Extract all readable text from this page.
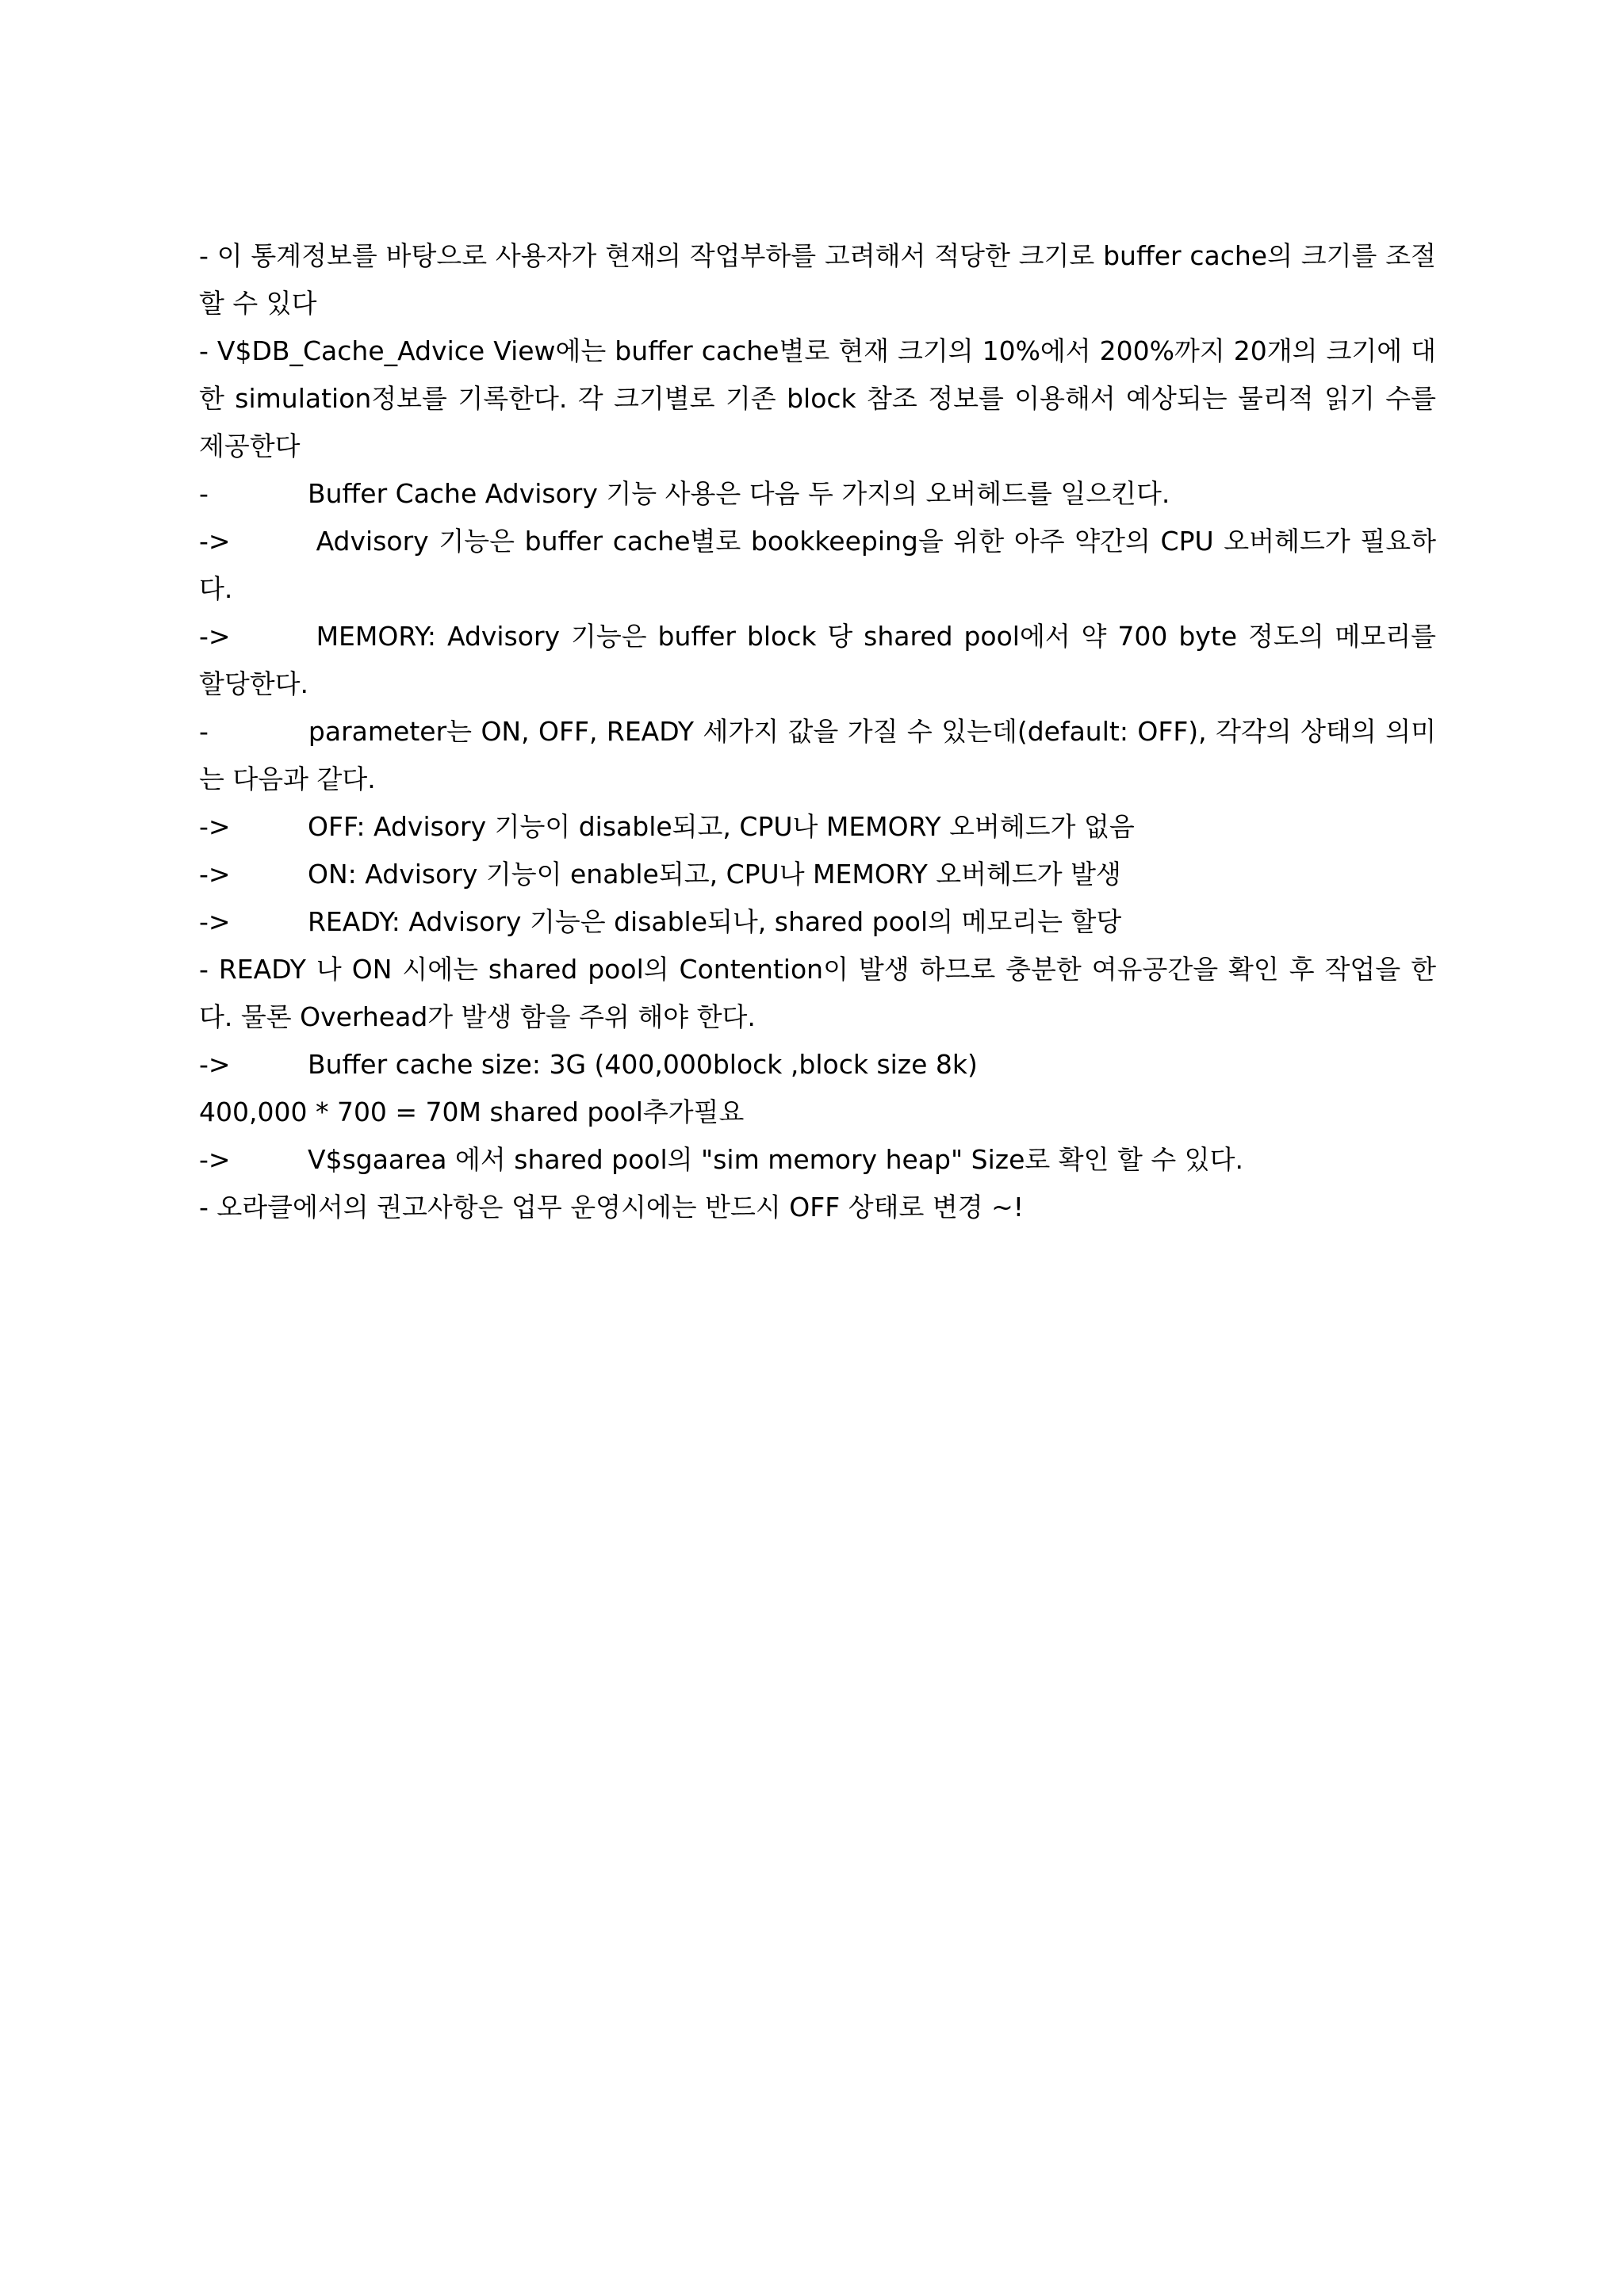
- 이 통계정보를 바탕으로 사용자가 현재의 작업부하를 고려해서 적당한 크기로 buffer cache의 크기를 조절할 수 있다

- V$DB_Cache_Advice View에는 buffer cache별로 현재 크기의 10%에서 200%까지 20개의 크기에 대한 simulation정보를 기록한다. 각 크기별로 기존 block 참조 정보를 이용해서 예상되는 물리적 읽기 수를 제공한다

-	Buffer Cache Advisory 기능 사용은 다음 두 가지의 오버헤드를 일으킨다.

->	Advisory 기능은 buffer cache별로 bookkeeping을 위한 아주 약간의 CPU 오버헤드가 필요하다.

->	MEMORY: Advisory 기능은 buffer block 당 shared pool에서 약 700 byte 정도의 메모리를 할당한다.

-	parameter는 ON, OFF, READY 세가지 값을 가질 수 있는데(default: OFF), 각각의 상태의 의미는 다음과 같다.

->	OFF: Advisory 기능이 disable되고, CPU나 MEMORY 오버헤드가 없음
->	ON: Advisory 기능이 enable되고, CPU나 MEMORY 오버헤드가 발생
->	READY: Advisory 기능은 disable되나, shared pool의 메모리는 할당

- READY 나 ON 시에는 shared pool의 Contention이 발생 하므로 충분한 여유공간을 확인 후 작업을 한다. 물론 Overhead가 발생 함을 주위 해야 한다.

->	Buffer cache size: 3G (400,000block ,block size 8k)

400,000 * 700 = 70M shared pool추가필요

->	V$sgaarea 에서 shared pool의 "sim memory heap" Size로 확인 할 수 있다.

- 오라클에서의 권고사항은 업무 운영시에는 반드시 OFF 상태로 변경 ~!
